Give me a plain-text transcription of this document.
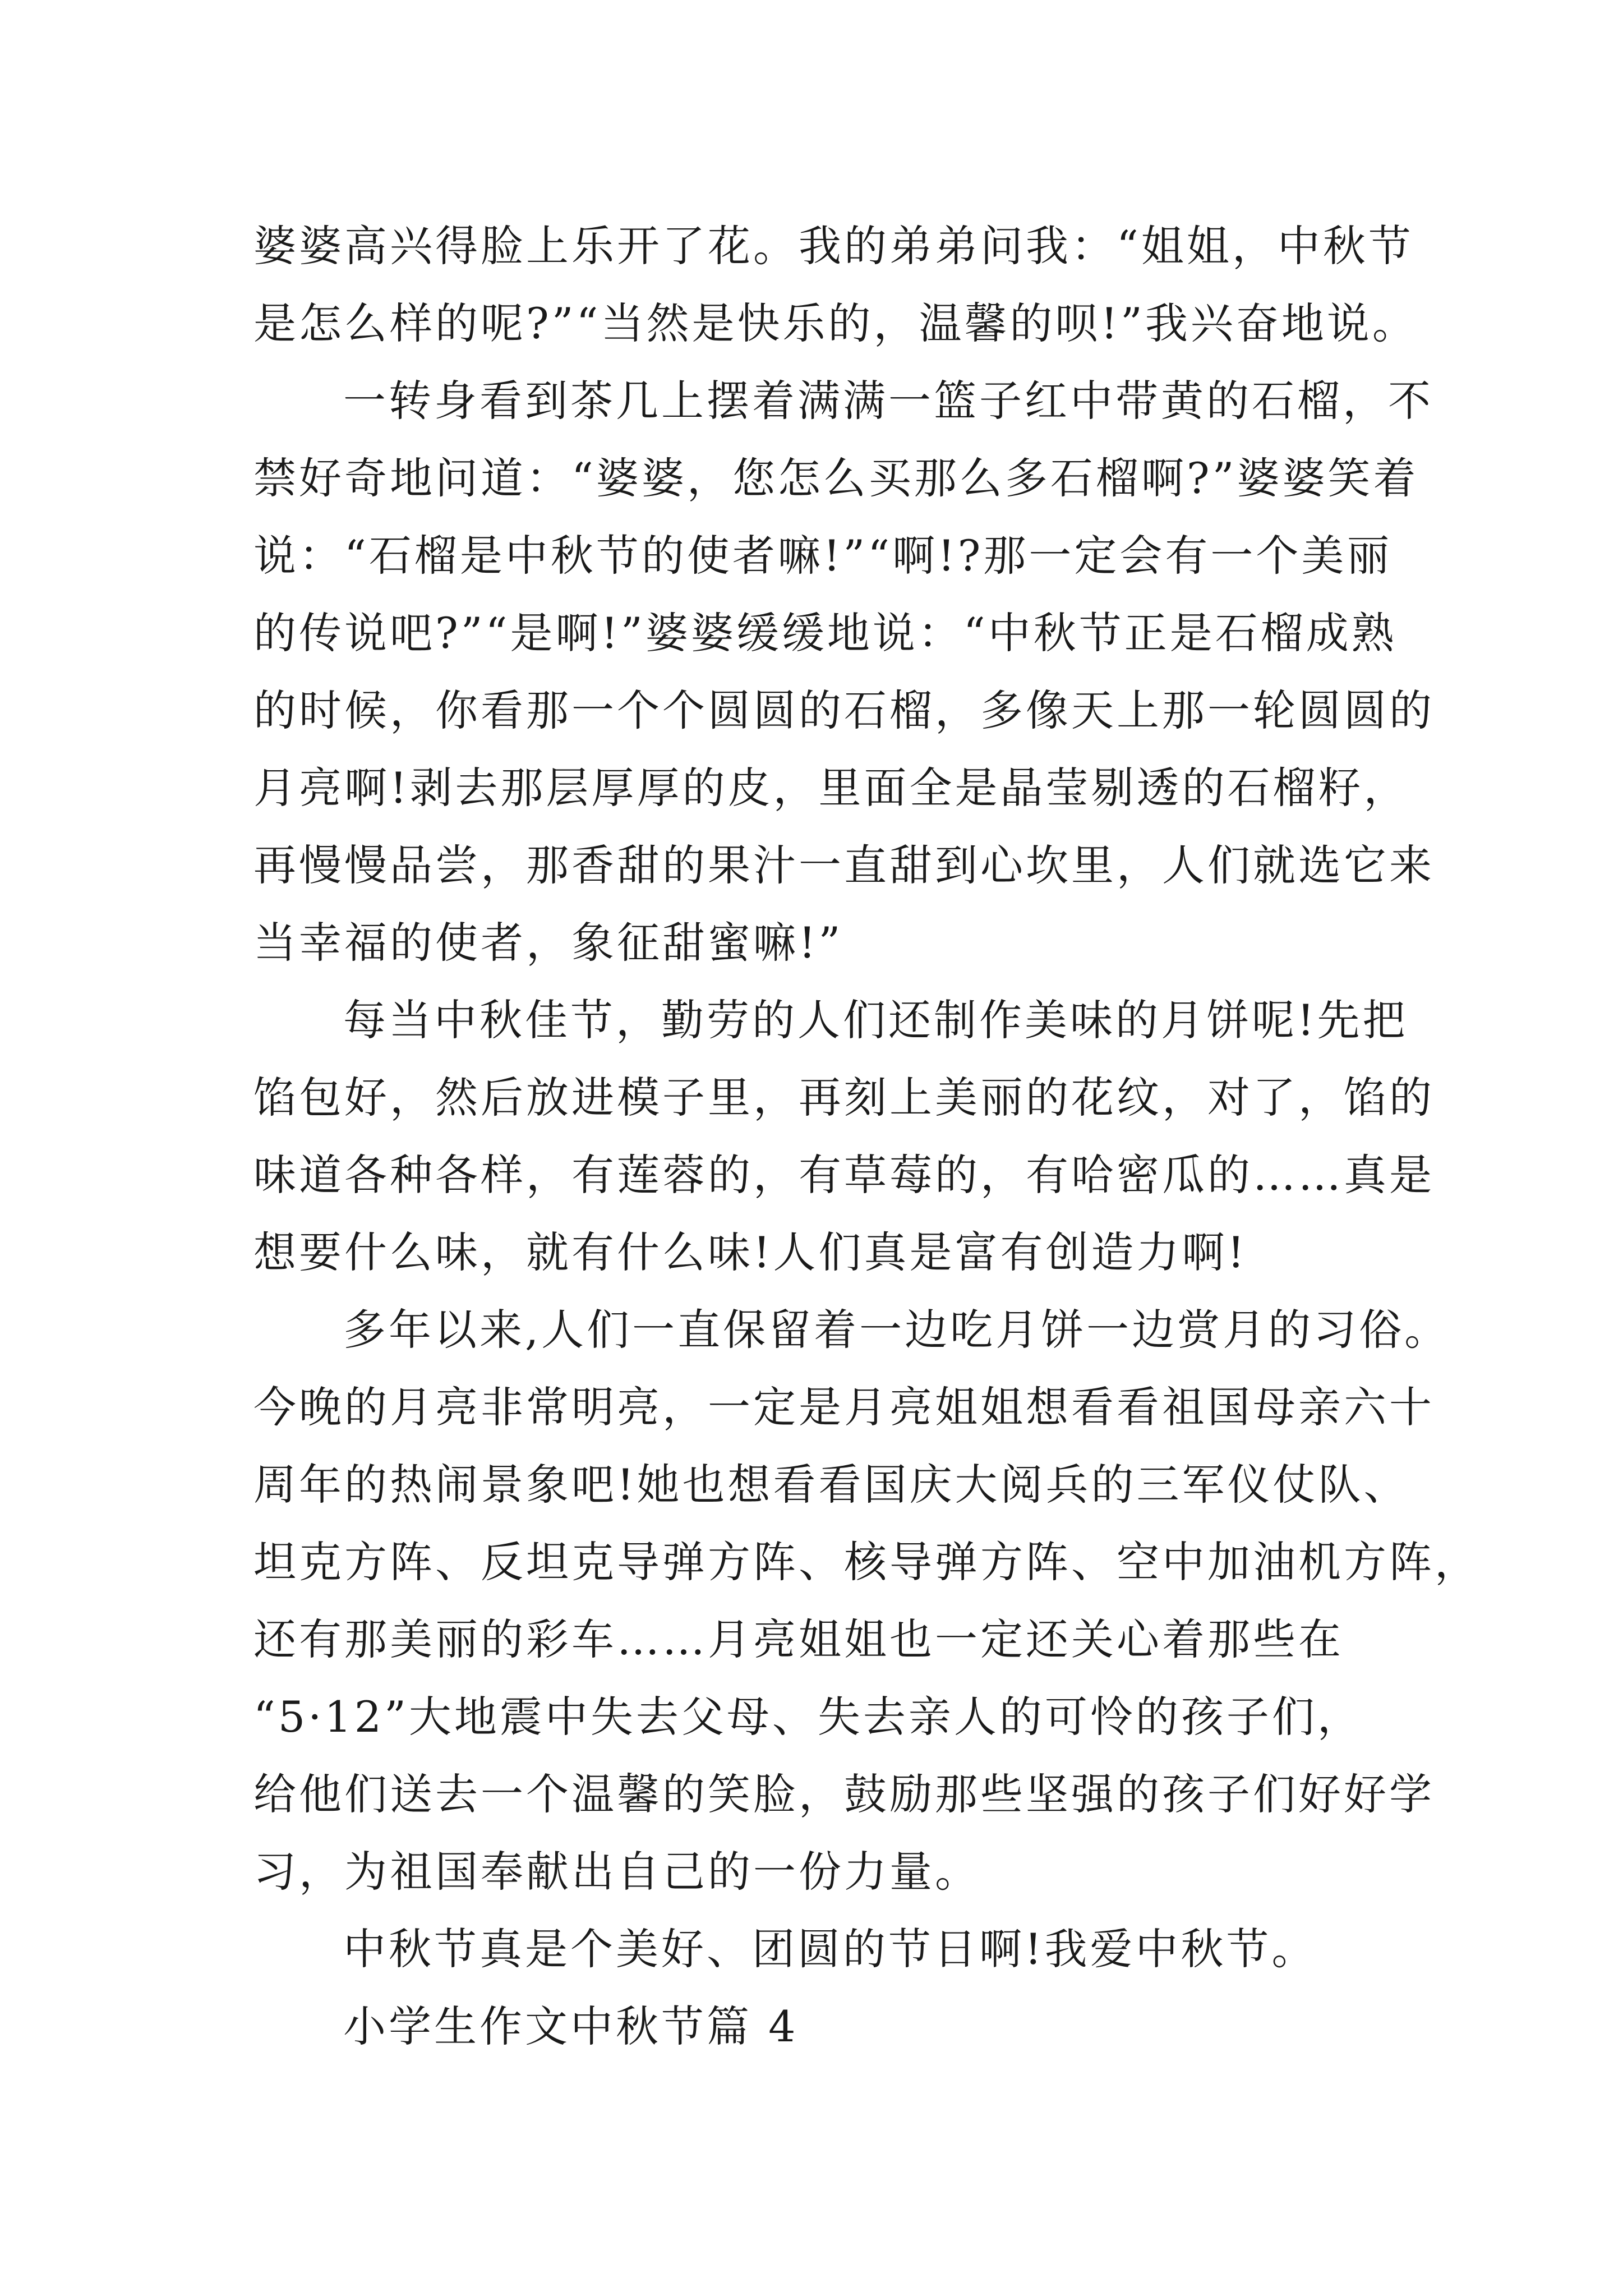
婆婆高兴得脸上乐开了花。我的弟弟问我：“姐姐，中秋节
是怎么样的呢?”“当然是快乐的，温馨的呗!”我兴奋地说。
一转身看到茶几上摆着满满一篮子红中带黄的石榴，不
禁好奇地问道：“婆婆，您怎么买那么多石榴啊?”婆婆笑着
说：“石榴是中秋节的使者嘛!”“啊!?那一定会有一个美丽
的传说吧?”“是啊!”婆婆缓缓地说：“中秋节正是石榴成熟
的时候，你看那一个个圆圆的石榴，多像天上那一轮圆圆的
月亮啊!剥去那层厚厚的皮，里面全是晶莹剔透的石榴籽，
再慢慢品尝，那香甜的果汁一直甜到心坎里，人们就选它来
当幸福的使者，象征甜蜜嘛!”
每当中秋佳节，勤劳的人们还制作美味的月饼呢!先把
馅包好，然后放进模子里，再刻上美丽的花纹，对了，馅的
味道各种各样，有莲蓉的，有草莓的，有哈密瓜的……真是
想要什么味，就有什么味!人们真是富有创造力啊!
多年以来,人们一直保留着一边吃月饼一边赏月的习俗。
今晚的月亮非常明亮，一定是月亮姐姐想看看祖国母亲六十
周年的热闹景象吧!她也想看看国庆大阅兵的三军仪仗队、
坦克方阵、反坦克导弹方阵、核导弹方阵、空中加油机方阵，
还有那美丽的彩车……月亮姐姐也一定还关心着那些在
“5·12”大地震中失去父母、失去亲人的可怜的孩子们，
给他们送去一个温馨的笑脸，鼓励那些坚强的孩子们好好学
习，为祖国奉献出自己的一份力量。
中秋节真是个美好、团圆的节日啊!我爱中秋节。
小学生作文中秋节篇 4
